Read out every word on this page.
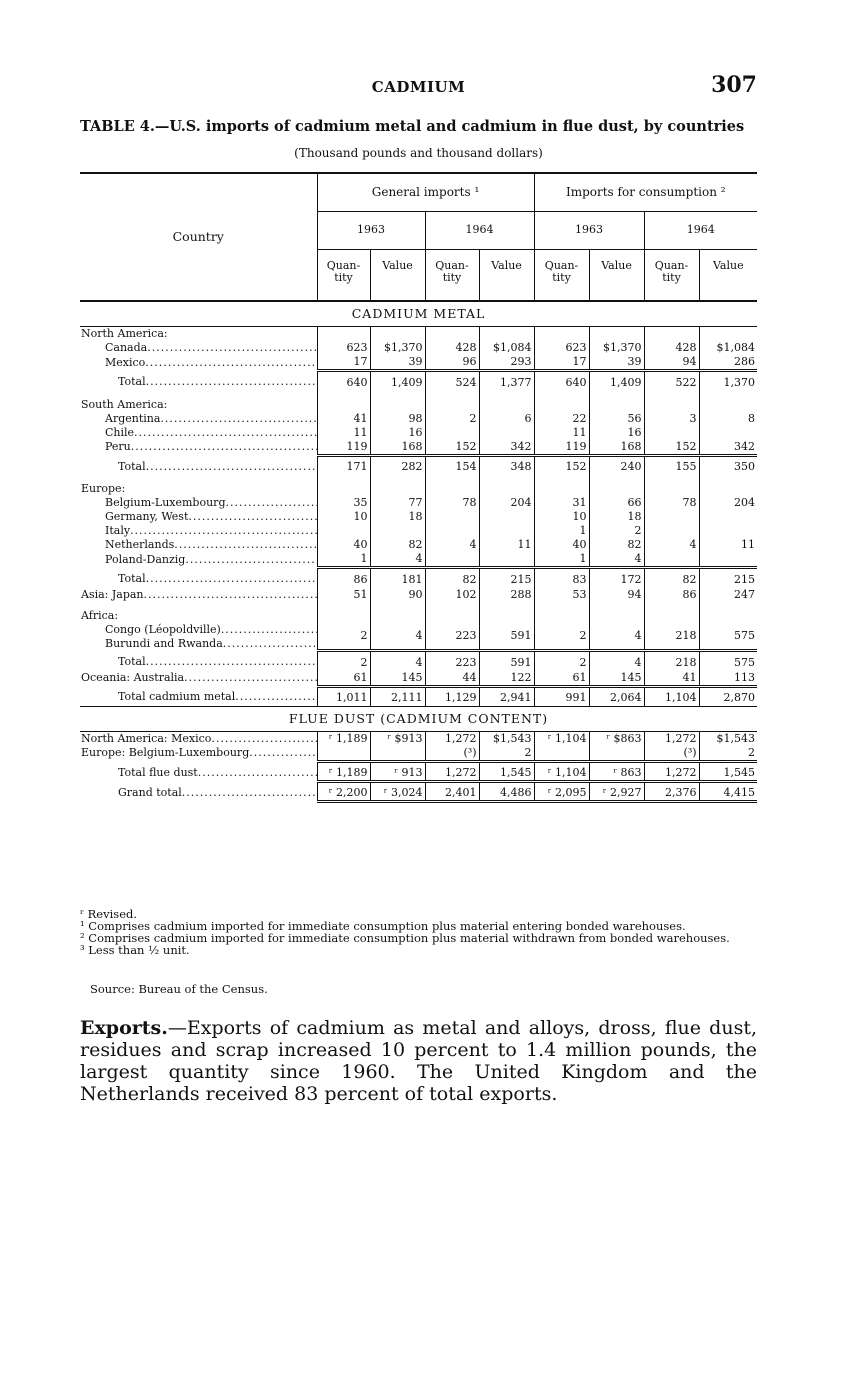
CADMIUM	307
TABLE 4.—U.S. imports of cadmium metal and cadmium in flue dust, by countries
(Thousand pounds and thousand dollars)
Country	General imports ¹				Imports for consumption ²			
	1963		1964		1963		1964	
	Quan- tity	Value	Quan- tity	Value	Quan- tity	Value	Quan- tity	Value
CADMIUM METAL								
North America:								
Canada .....	623	$1,370	428	$1,084	623	$1,370	428	$1,084
Mexico .....	17	39	96	293	17	39	94	286
Total .....	640	1,409	524	1,377	640	1,409	522	1,370
South America:								
Argentina .....	41	98	2	6	22	56	3	8
Chile .....	11	16			11	16		
Peru .....	119	168	152	342	119	168	152	342
Total .....	171	282	154	348	152	240	155	350
Europe:								
Belgium-Luxembourg .....	35	77	78	204	31	66	78	204
Germany, West .....	10	18			10	18		
Italy .....					1	2		
Netherlands .....	40	82	4	11	40	82	4	11
Poland-Danzig .....	1	4			1	4		
Total .....	86	181	82	215	83	172	82	215
Asia: Japan .....	51	90	102	288	53	94	86	247
Africa:								
Congo (Léopoldville) .....	2	4	223	591	2	4	218	575
Burundi and Rwanda .....
Total .....	2	4	223	591	2	4	218	575
Oceania: Australia .....	61	145	44	122	61	145	41	113
Total cadmium metal .....	1,011	2,111	1,129	2,941	991	2,064	1,104	2,870
FLUE DUST (CADMIUM CONTENT)								
North America: Mexico .....	ʳ 1,189	ʳ $913	1,272	$1,543	ʳ 1,104	ʳ $863	1,272	$1,543
Europe: Belgium-Luxembourg .....			(³)	2			(³)	2
Total flue dust .....	ʳ 1,189	ʳ 913	1,272	1,545	ʳ 1,104	ʳ 863	1,272	1,545
Grand total .....	ʳ 2,200	ʳ 3,024	2,401	4,486	ʳ 2,095	ʳ 2,927	2,376	4,415
ʳ Revised.
¹ Comprises cadmium imported for immediate consumption plus material entering bonded warehouses.
² Comprises cadmium imported for immediate consumption plus material withdrawn from bonded warehouses.
³ Less than ½ unit.
Source: Bureau of the Census.
Exports.—Exports of cadmium as metal and alloys, dross, flue dust, residues and scrap increased 10 percent to 1.4 million pounds, the largest quantity since 1960. The United Kingdom and the Netherlands received 83 percent of total exports.
